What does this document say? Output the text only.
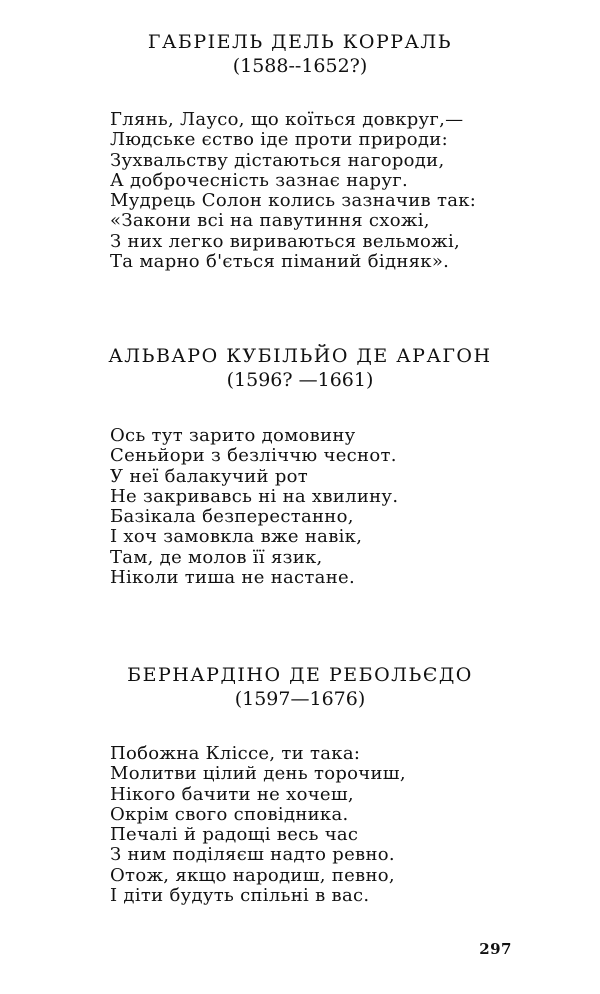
ГАБРІЕЛЬ ДЕЛЬ КОРРАЛЬ
(1588--1652?)
Глянь, Лаусо, що коїться довкруг,—
Людське єство іде проти природи:
Зухвальству дістаються нагороди,
А доброчесність зазнає наруг.
Мудрець Солон колись зазначив так:
«Закони всі на павутиння схожі,
З них легко вириваються вельможі,
Та марно б'ється піманий бідняк».
АЛЬВАРО КУБІЛЬЙО ДЕ АРАГОН
(1596? —1661)
Ось тут зарито домовину
Сеньйори з безліччю чеснот.
У неї балакучий рот
Не закривавсь ні на хвилину.
Базікала безперестанно,
І хоч замовкла вже навік,
Там, де молов її язик,
Ніколи тиша не настане.
БЕРНАРДІНО ДЕ РЕБОЛЬЄДО
(1597—1676)
Побожна Кліссе, ти така:
Молитви цілий день торочиш,
Нікого бачити не хочеш,
Окрім свого сповідника.
Печалі й радощі весь час
З ним поділяєш надто ревно.
Отож, якщо народиш, певно,
І діти будуть спільні в вас.
297
